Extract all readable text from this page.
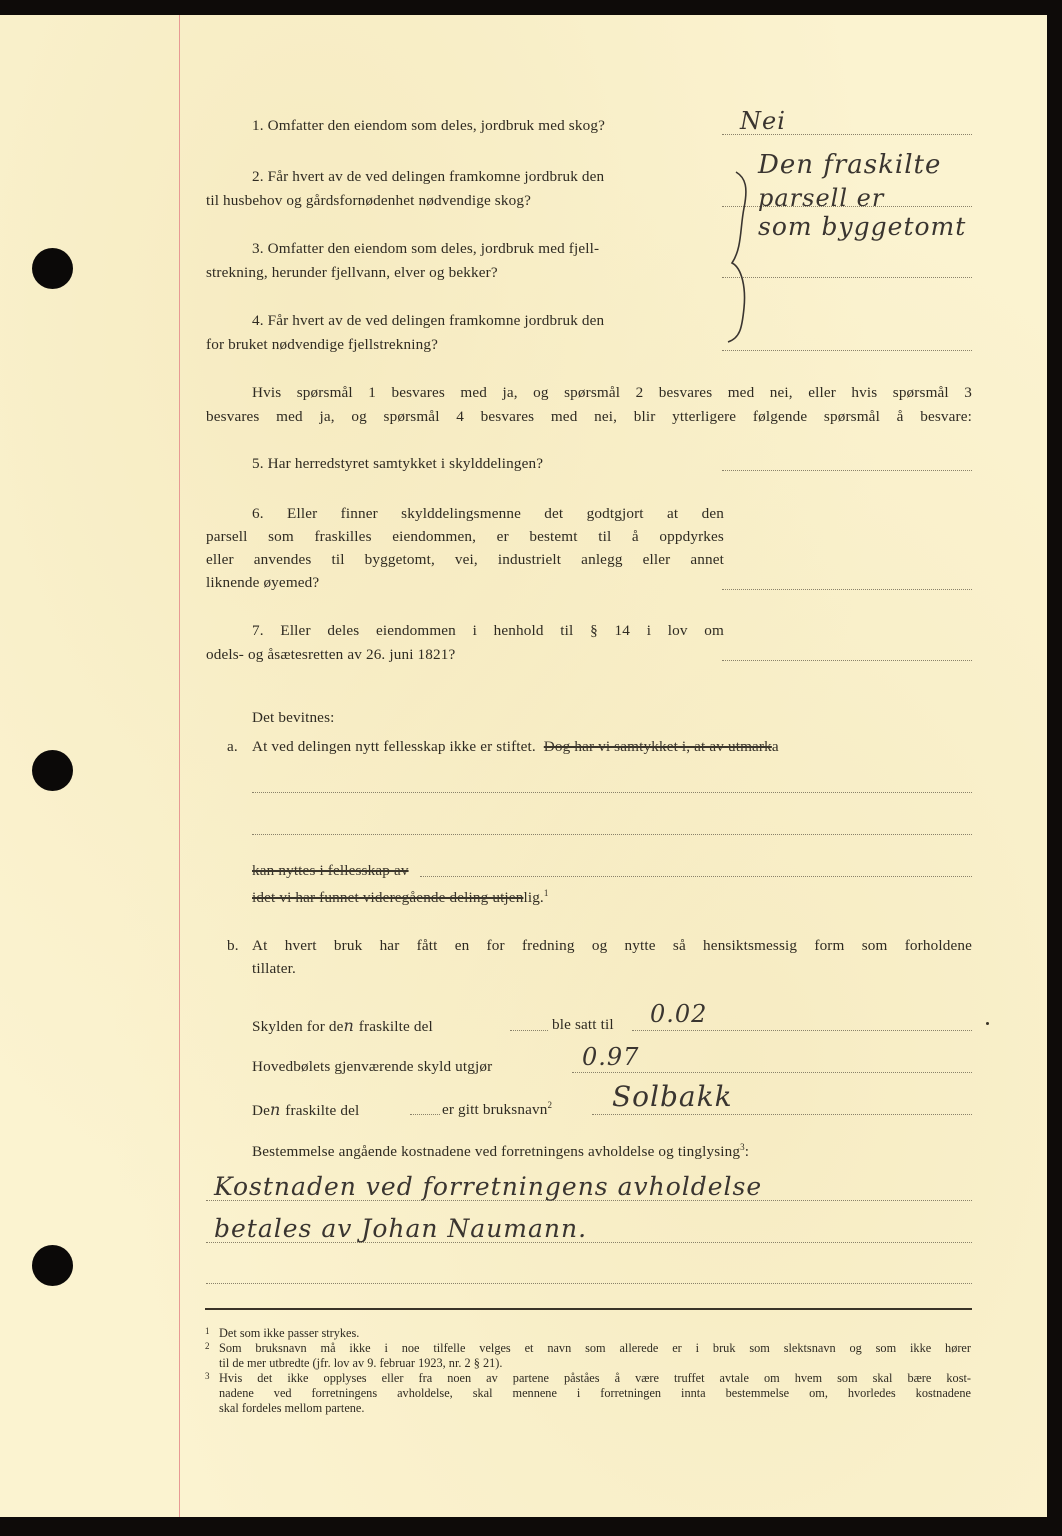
1. Omfatter den eiendom som deles, jordbruk med skog?	Nei
2. Får hvert av de ved delingen framkomne jordbruk den
til husbehov og gårdsfornødenhet nødvendige skog?
3. Omfatter den eiendom som deles, jordbruk med fjell-
strekning, herunder fjellvann, elver og bekker?
4. Får hvert av de ved delingen framkomne jordbruk den
for bruket nødvendige fjellstrekning?
Den fraskilte
parsell er
som byggetomt
Hvis spørsmål 1 besvares med ja, og spørsmål 2 besvares med nei, eller hvis spørsmål 3
besvares med ja, og spørsmål 4 besvares med nei, blir ytterligere følgende spørsmål å besvare:
5. Har herredstyret samtykket i skylddelingen?
6. Eller finner skylddelingsmenne det godtgjort at den
parsell som fraskilles eiendommen, er bestemt til å oppdyrkes
eller anvendes til byggetomt, vei, industrielt anlegg eller annet
liknende øyemed?
7. Eller deles eiendommen i henhold til § 14 i lov om
odels- og åsætesretten av 26. juni 1821?
Det bevitnes:
a. At ved delingen nytt fellesskap ikke er stiftet. Dog har vi samtykket i, at av utmarka
kan nyttes i fellesskap av
idet vi har funnet videregående deling utjenlig.$^1$
b. At hvert bruk har fått en for fredning og nytte så hensiktsmessig form som forholdene
tillater.
Skylden for den fraskilte del	ble satt til 0.02
Hovedbølets gjenværende skyld utgjør	0.97
Den fraskilte del	er gitt bruksnavn$^2$ Solbakk
Bestemmelse angående kostnadene ved forretningens avholdelse og tinglysing$^3$:
Kostnaden ved forretningens avholdelse
betales av Johan Naumann.
1 Det som ikke passer strykes.
2 Som bruksnavn må ikke i noe tilfelle velges et navn som allerede er i bruk som slektsnavn og som ikke hører
til de mer utbredte (jfr. lov av 9. februar 1923, nr. 2 § 21).
3 Hvis det ikke opplyses eller fra noen av partene påståes å være truffet avtale om hvem som skal bære kost-
nadene ved forretningens avholdelse, skal mennene i forretningen innta bestemmelse om, hvorledes kostnadene
skal fordeles mellom partene.
